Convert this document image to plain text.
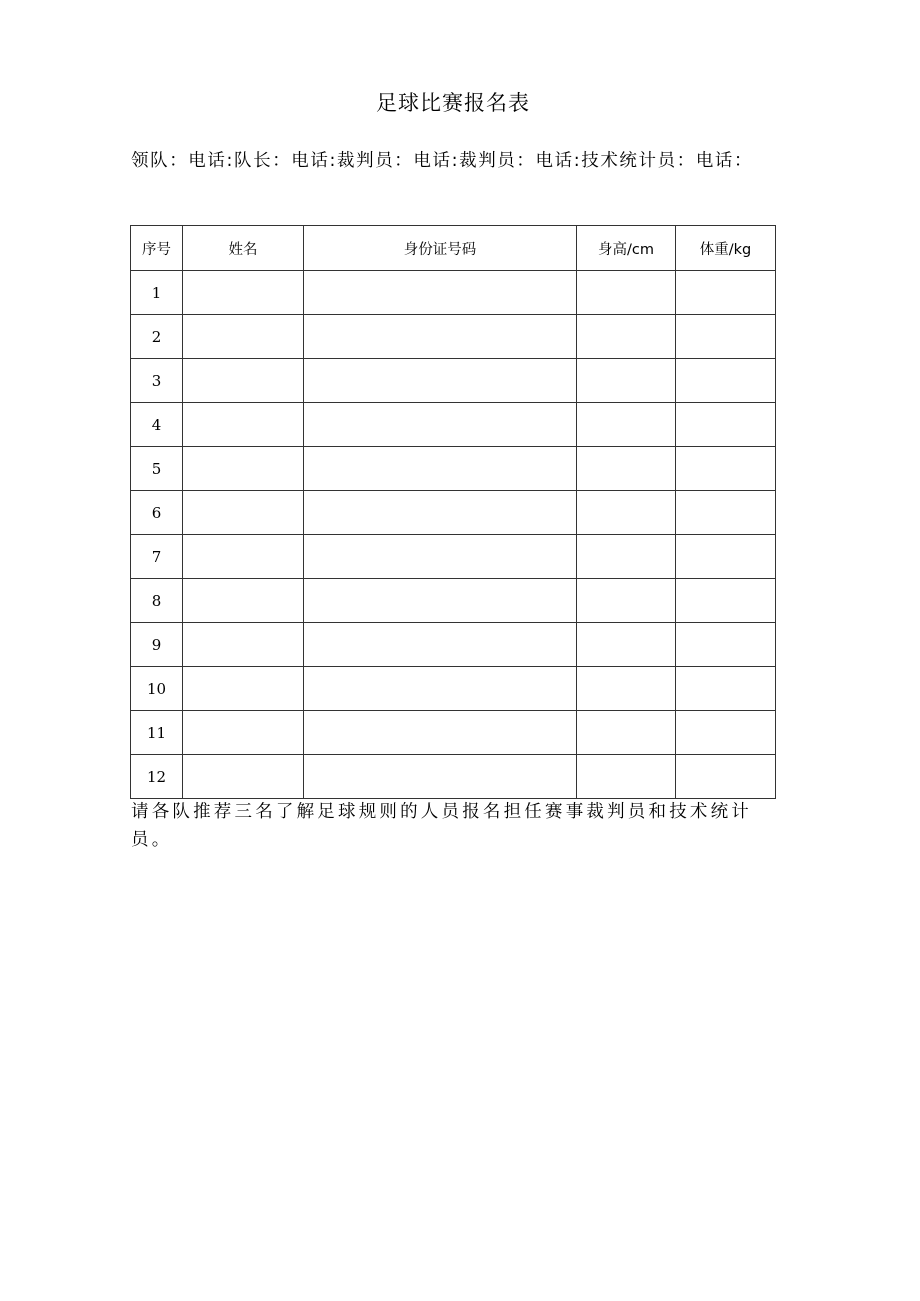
足球比赛报名表
领队：电话:队长：电话:裁判员：电话:裁判员：电话:技术统计员：电话：
序号	姓名	身份证号码	身高/cm	体重/kg
1				
2				
3				
4				
5				
6				
7				
8				
9				
10				
11				
12				
请各队推荐三名了解足球规则的人员报名担任赛事裁判员和技术统计员。
